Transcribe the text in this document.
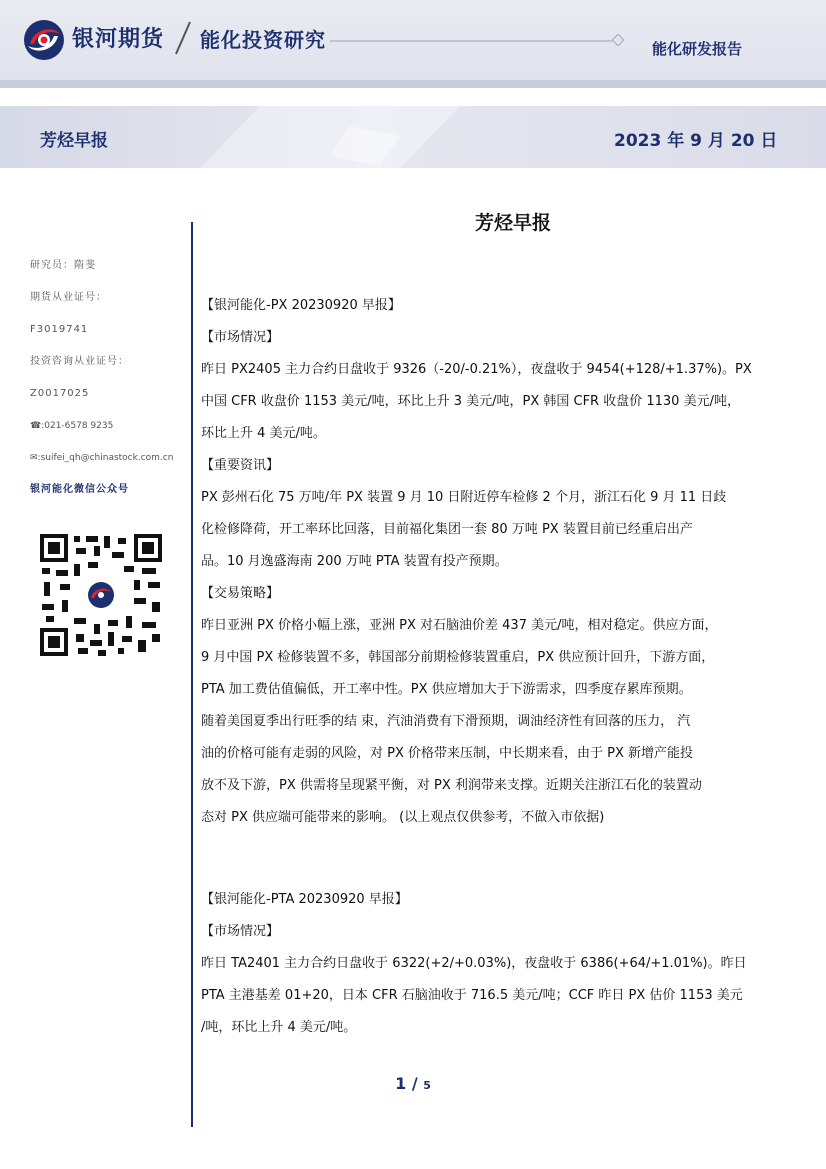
银河期货 能化投资研究	能化研发报告
芳烃早报	2023 年 9 月 20 日
研究员：隋斐
期货从业证号：
F3019741
投资咨询从业证号：
Z0017025
☎:021-6578 9235
✉:suifei_qh@chinastock.com.cn
银河能化微信公众号
芳烃早报
【银河能化-PX 20230920 早报】
【市场情况】
昨日 PX2405 主力合约日盘收于 9326（-20/-0.21%），夜盘收于 9454(+128/+1.37%)。PX
中国 CFR 收盘价 1153 美元/吨，环比上升 3 美元/吨，PX 韩国 CFR 收盘价 1130 美元/吨，
环比上升 4 美元/吨。
【重要资讯】
PX 彭州石化 75 万吨/年 PX 装置 9 月 10 日附近停车检修 2 个月，浙江石化 9 月 11 日歧
化检修降荷，开工率环比回落，目前福化集团一套 80 万吨 PX 装置目前已经重启出产
品。10 月逸盛海南 200 万吨 PTA 装置有投产预期。
【交易策略】
昨日亚洲 PX 价格小幅上涨，亚洲 PX 对石脑油价差 437 美元/吨，相对稳定。供应方面，
9 月中国 PX 检修装置不多，韩国部分前期检修装置重启，PX 供应预计回升，下游方面，
PTA 加工费估值偏低，开工率中性。PX 供应增加大于下游需求，四季度存累库预期。
随着美国夏季出行旺季的结 束，汽油消费有下滑预期，调油经济性有回落的压力， 汽
油的价格可能有走弱的风险，对 PX 价格带来压制，中长期来看，由于 PX 新增产能投
放不及下游，PX 供需将呈现紧平衡，对 PX 利润带来支撑。近期关注浙江石化的装置动
态对 PX 供应端可能带来的影响。 (以上观点仅供参考，不做入市依据)
【银河能化-PTA 20230920 早报】
【市场情况】
昨日 TA2401 主力合约日盘收于 6322(+2/+0.03%)，夜盘收于 6386(+64/+1.01%)。昨日
PTA 主港基差 01+20，日本 CFR 石脑油收于 716.5 美元/吨；CCF 昨日 PX 估价 1153 美元
/吨，环比上升 4 美元/吨。
1 / 5
